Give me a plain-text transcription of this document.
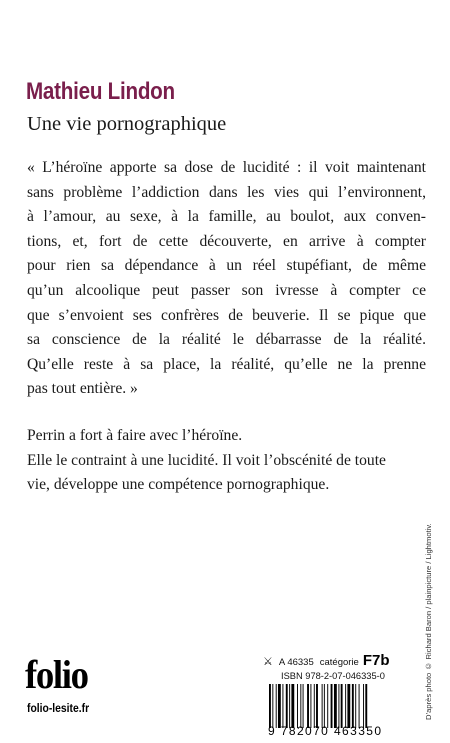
Mathieu Lindon
Une vie pornographique
« L’héroïne apporte sa dose de lucidité : il voit maintenant
sans problème l’addiction dans les vies qui l’environnent,
à l’amour, au sexe, à la famille, au boulot, aux conven-
tions, et, fort de cette découverte, en arrive à compter
pour rien sa dépendance à un réel stupéfiant, de même
qu’un alcoolique peut passer son ivresse à compter ce
que s’envoient ses confrères de beuverie. Il se pique que
sa conscience de la réalité le débarrasse de la réalité.
Qu’elle reste à sa place, la réalité, qu’elle ne la prenne
pas tout entière. »
Perrin a fort à faire avec l’héroïne.
Elle le contraint à une lucidité. Il voit l’obscénité de toute
vie, développe une compétence pornographique.
D’après photo © Richard Baron / plainpicture / Lightmotiv.
folio
folio-lesite.fr
⚔ A 46335 catégorie F7b
ISBN 978-2-07-046335-0
9 782070 463350
